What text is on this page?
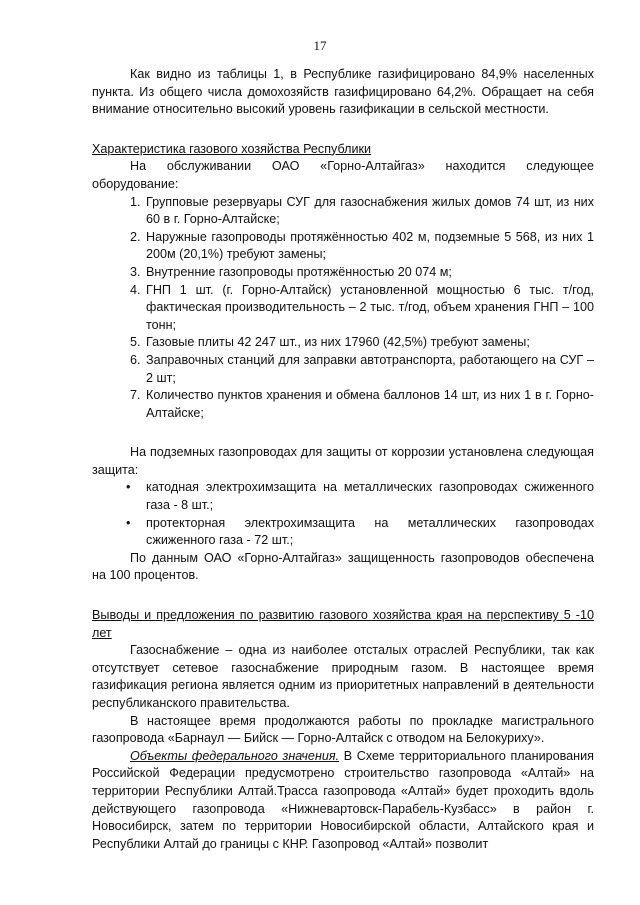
17

Как видно из таблицы 1, в Республике газифицировано 84,9% населенных пункта. Из общего числа домохозяйств газифицировано 64,2%. Обращает на себя внимание относительно высокий уровень газификации в сельской местности.

Характеристика газового хозяйства Республики

На обслуживании ОАО «Горно-Алтайгаз» находится следующее оборудование:

1. Групповые резервуары СУГ для газоснабжения жилых домов 74 шт, из них 60 в г. Горно-Алтайске;
2. Наружные газопроводы протяжённостью 402 м, подземные 5 568, из них 1 200м (20,1%) требуют замены;
3. Внутренние газопроводы протяжённостью 20 074 м;
4. ГНП 1 шт. (г. Горно-Алтайск) установленной мощностью 6 тыс. т/год, фактическая производительность – 2 тыс. т/год, объем хранения ГНП – 100 тонн;
5. Газовые плиты 42 247 шт., из них 17960 (42,5%) требуют замены;
6. Заправочных станций для заправки автотранспорта, работающего на СУГ – 2 шт;
7. Количество пунктов хранения и обмена баллонов 14 шт, из них 1 в г. Горно-Алтайске;

На подземных газопроводах для защиты от коррозии установлена следующая защита:

• катодная электрохимзащита на металлических газопроводах сжиженного газа - 8 шт.;
• протекторная электрохимзащита на металлических газопроводах сжиженного газа - 72 шт.;

По данным ОАО «Горно-Алтайгаз» защищенность газопроводов обеспечена на 100 процентов.

Выводы и предложения по развитию газового хозяйства края на перспективу 5 -10 лет

Газоснабжение – одна из наиболее отсталых отраслей Республики, так как отсутствует сетевое газоснабжение природным газом. В настоящее время газификация региона является одним из приоритетных направлений в деятельности республиканского правительства.

В настоящее время продолжаются работы по прокладке магистрального газопровода «Барнаул — Бийск — Горно-Алтайск с отводом на Белокуриху».

Объекты федерального значения. В Схеме территориального планирования Российской Федерации предусмотрено строительство газопровода «Алтай» на территории Республики Алтай.Трасса газопровода «Алтай» будет проходить вдоль действующего газопровода «Нижневартовск-Парабель-Кузбасс» в район г. Новосибирск, затем по территории Новосибирской области, Алтайского края и Республики Алтай до границы с КНР. Газопровод «Алтай» позволит
